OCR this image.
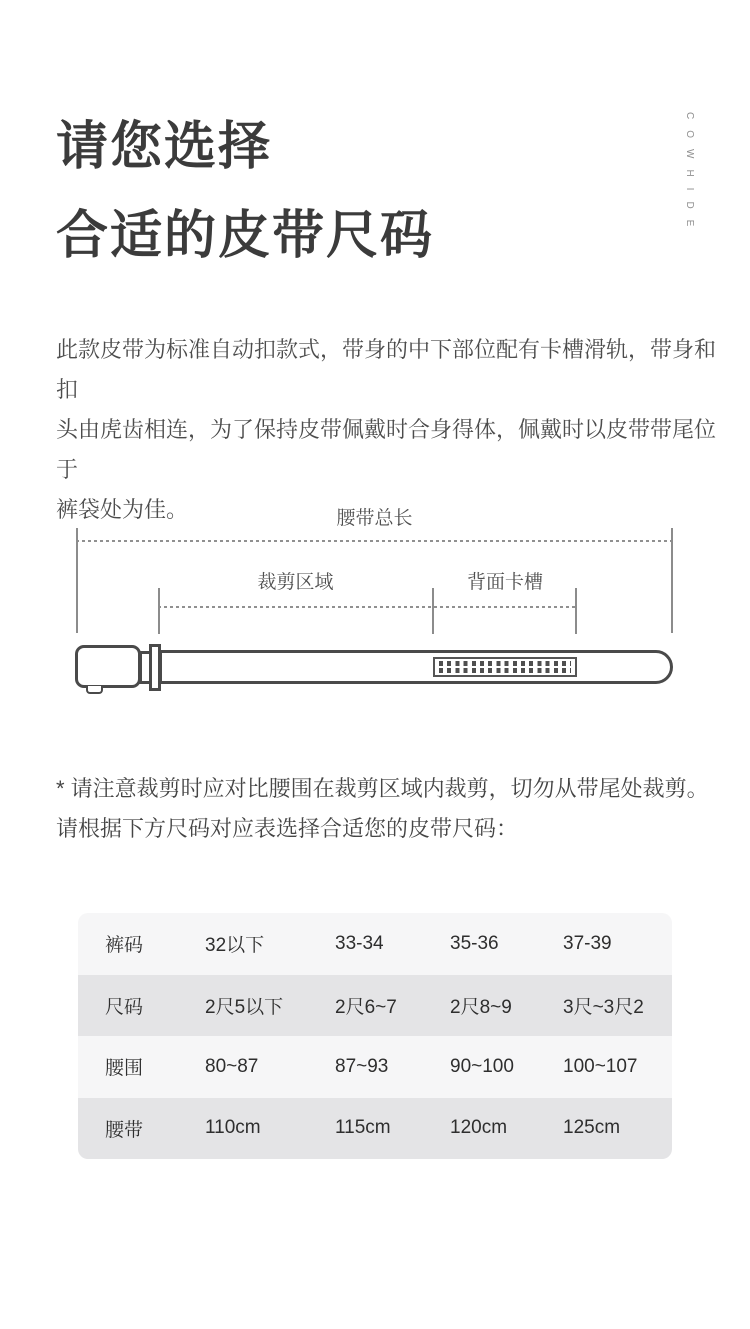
请您选择
合适的皮带尺码	COWHIDE
此款皮带为标准自动扣款式，带身的中下部位配有卡槽滑轨，带身和扣
头由虎齿相连，为了保持皮带佩戴时合身得体，佩戴时以皮带带尾位于
裤袋处为佳。	腰带总长
裁剪区域	背面卡槽
* 请注意裁剪时应对比腰围在裁剪区域内裁剪，切勿从带尾处裁剪。
请根据下方尺码对应表选择合适您的皮带尺码：
裤码	32以下	33-34	35-36	37-39
尺码	2尺5以下	2尺6~7	2尺8~9	3尺~3尺2
腰围	80~87	87~93	90~100	100~107
腰带	110cm	115cm	120cm	125cm
